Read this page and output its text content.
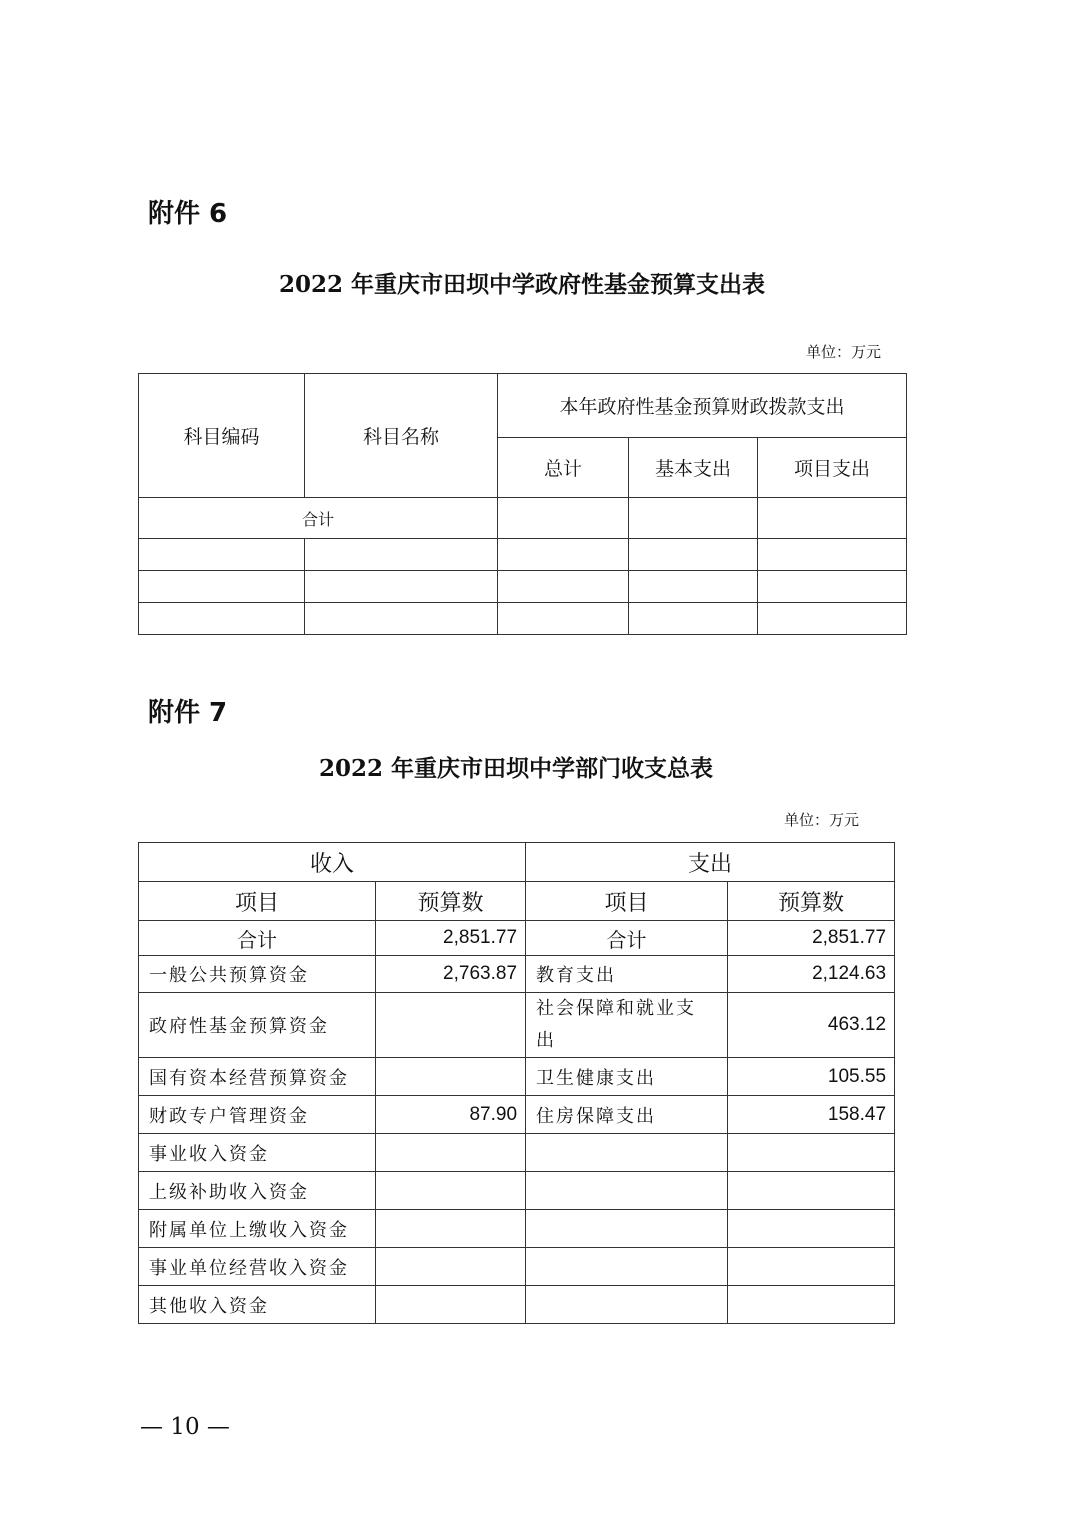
附件 6
2022 年重庆市田坝中学政府性基金预算支出表
单位：万元
科目编码	科目名称	本年政府性基金预算财政拨款支出		
		总计	基本支出	项目支出
合计				

附件 7
2022 年重庆市田坝中学部门收支总表
单位：万元
收入		支出	
项目	预算数	项目	预算数
合计	2,851.77	合计	2,851.77
一般公共预算资金	2,763.87	教育支出	2,124.63
政府性基金预算资金		社会保障和就业支出	463.12
国有资本经营预算资金		卫生健康支出	105.55
财政专户管理资金	87.90	住房保障支出	158.47
事业收入资金			
上级补助收入资金			
附属单位上缴收入资金			
事业单位经营收入资金			
其他收入资金			
— 10 —
